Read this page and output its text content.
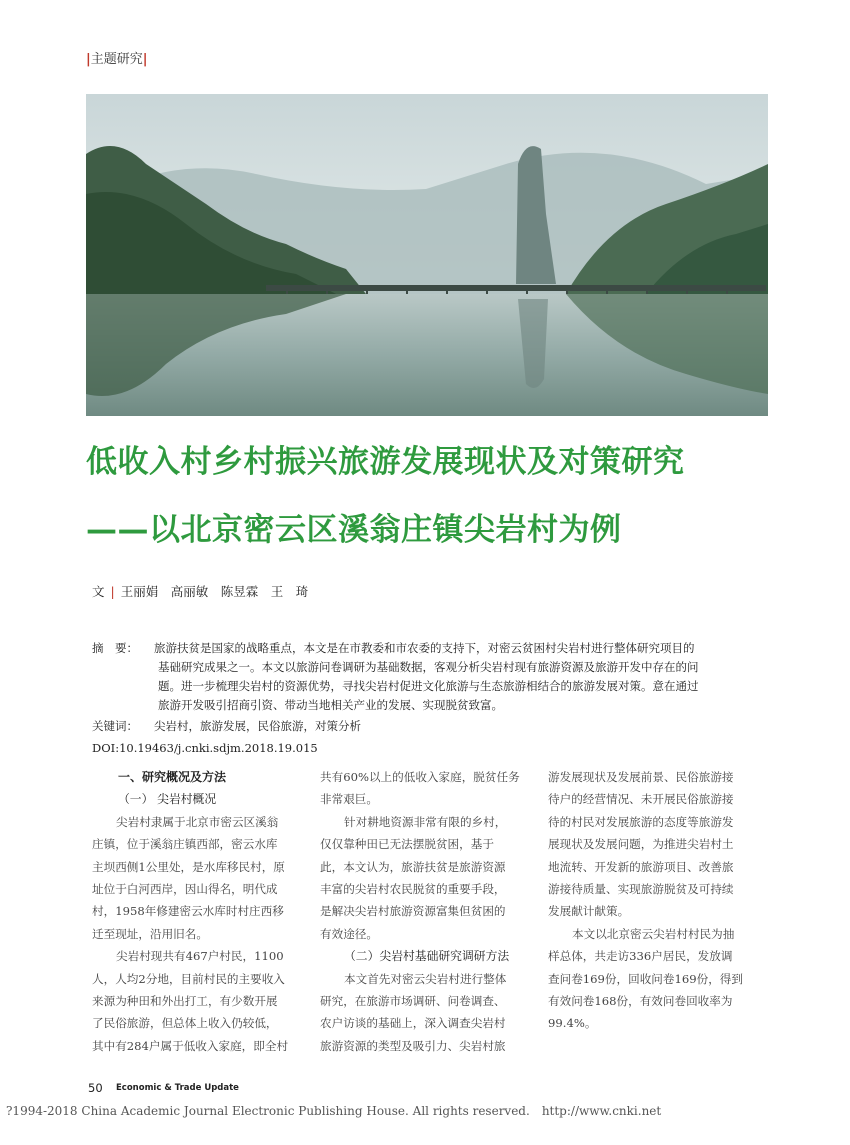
|主题研究|
低收入村乡村振兴旅游发展现状及对策研究
——以北京密云区溪翁庄镇尖岩村为例
文 | 王丽娟　高丽敏　陈昱霖　王　琦
摘　要： 旅游扶贫是国家的战略重点，本文是在市教委和市农委的支持下，对密云贫困村尖岩村进行整体研究项目的
基础研究成果之一。本文以旅游问卷调研为基础数据，客观分析尖岩村现有旅游资源及旅游开发中存在的问
题。进一步梳理尖岩村的资源优势，寻找尖岩村促进文化旅游与生态旅游相结合的旅游发展对策。意在通过
旅游开发吸引招商引资、带动当地相关产业的发展、实现脱贫致富。
关键词： 尖岩村，旅游发展，民俗旅游，对策分析
DOI:10.19463/j.cnki.sdjm.2018.19.015

一、研究概况及方法

（一） 尖岩村概况

尖岩村隶属于北京市密云区溪翁

庄镇，位于溪翁庄镇西部，密云水库

主坝西侧1公里处，是水库移民村，原

址位于白河西岸，因山得名，明代成

村，1958年修建密云水库时村庄西移

迁至现址，沿用旧名。

尖岩村现共有467户村民，1100

人，人均2分地，目前村民的主要收入

来源为种田和外出打工，有少数开展

了民俗旅游，但总体上收入仍较低，

其中有284户属于低收入家庭，即全村

共有60%以上的低收入家庭，脱贫任务

非常艰巨。

针对耕地资源非常有限的乡村，

仅仅靠种田已无法摆脱贫困，基于

此，本文认为，旅游扶贫是旅游资源

丰富的尖岩村农民脱贫的重要手段，

是解决尖岩村旅游资源富集但贫困的

有效途径。

（二）尖岩村基础研究调研方法

本文首先对密云尖岩村进行整体

研究，在旅游市场调研、问卷调查、

农户访谈的基础上，深入调查尖岩村

旅游资源的类型及吸引力、尖岩村旅

游发展现状及发展前景、民俗旅游接

待户的经营情况、未开展民俗旅游接

待的村民对发展旅游的态度等旅游发

展现状及发展问题，为推进尖岩村土

地流转、开发新的旅游项目、改善旅

游接待质量、实现旅游脱贫及可持续

发展献计献策。

本文以北京密云尖岩村村民为抽

样总体，共走访336户居民，发放调

查问卷169份，回收问卷169份，得到

有效问卷168份，有效问卷回收率为

99.4%。

50 Economic & Trade Update
?1994-2018 China Academic Journal Electronic Publishing House. All rights reserved. http://www.cnki.net
